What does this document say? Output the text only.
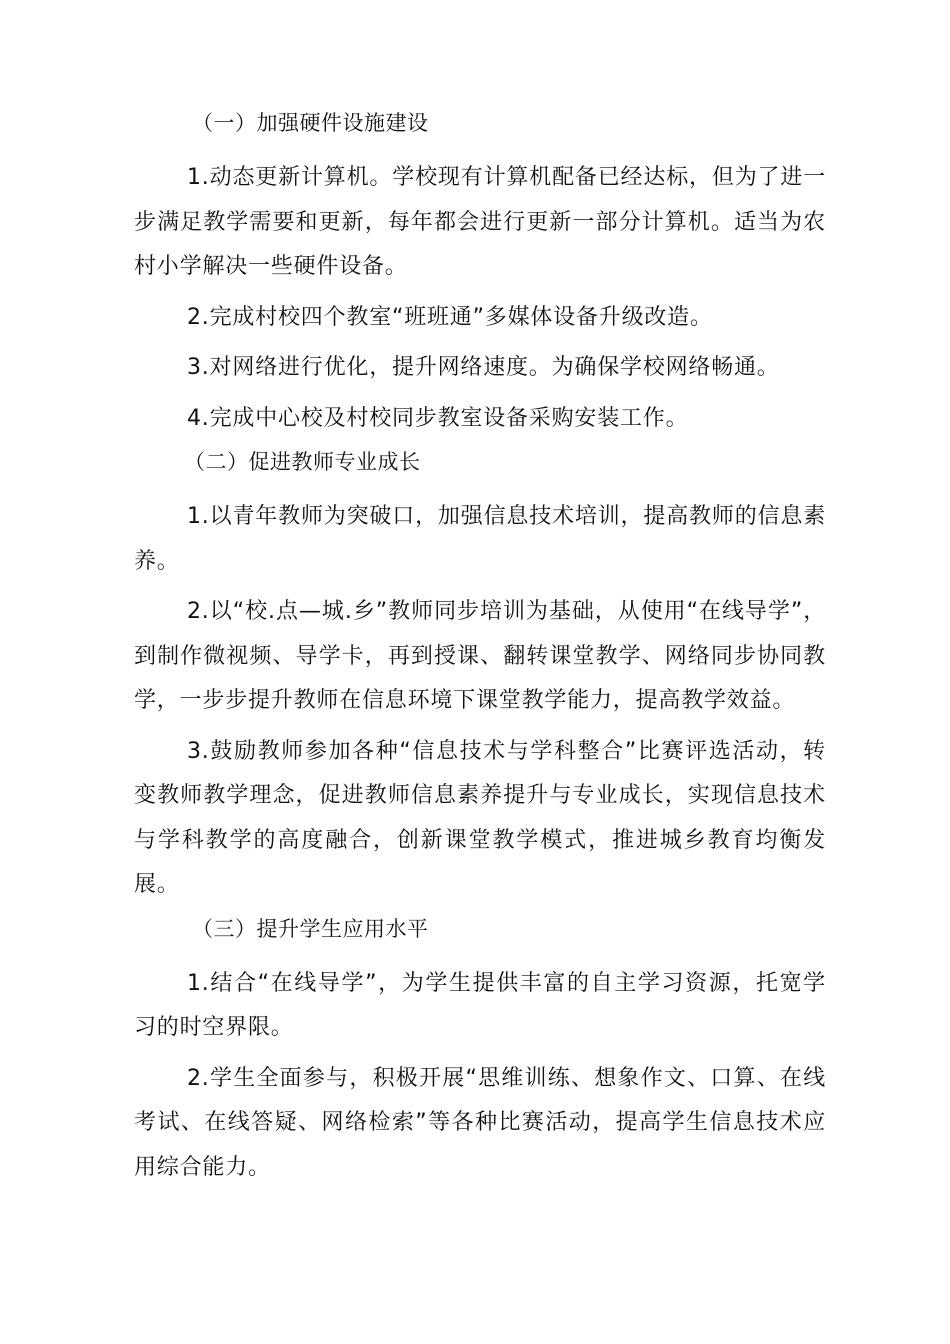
（一）加强硬件设施建设

1.动态更新计算机。学校现有计算机配备已经达标，但为了进一步满足教学需要和更新，每年都会进行更新一部分计算机。适当为农村小学解决一些硬件设备。

2.完成村校四个教室“班班通”多媒体设备升级改造。

3.对网络进行优化，提升网络速度。为确保学校网络畅通。

4.完成中心校及村校同步教室设备采购安装工作。

（二）促进教师专业成长

1.以青年教师为突破口，加强信息技术培训，提高教师的信息素养。

2.以“校.点—城.乡”教师同步培训为基础，从使用“在线导学”，到制作微视频、导学卡，再到授课、翻转课堂教学、网络同步协同教学，一步步提升教师在信息环境下课堂教学能力，提高教学效益。

3.鼓励教师参加各种“信息技术与学科整合”比赛评选活动，转变教师教学理念，促进教师信息素养提升与专业成长，实现信息技术与学科教学的高度融合，创新课堂教学模式，推进城乡教育均衡发展。

（三）提升学生应用水平

1.结合“在线导学”，为学生提供丰富的自主学习资源，托宽学习的时空界限。

2.学生全面参与，积极开展“思维训练、想象作文、口算、在线考试、在线答疑、网络检索”等各种比赛活动，提高学生信息技术应用综合能力。
